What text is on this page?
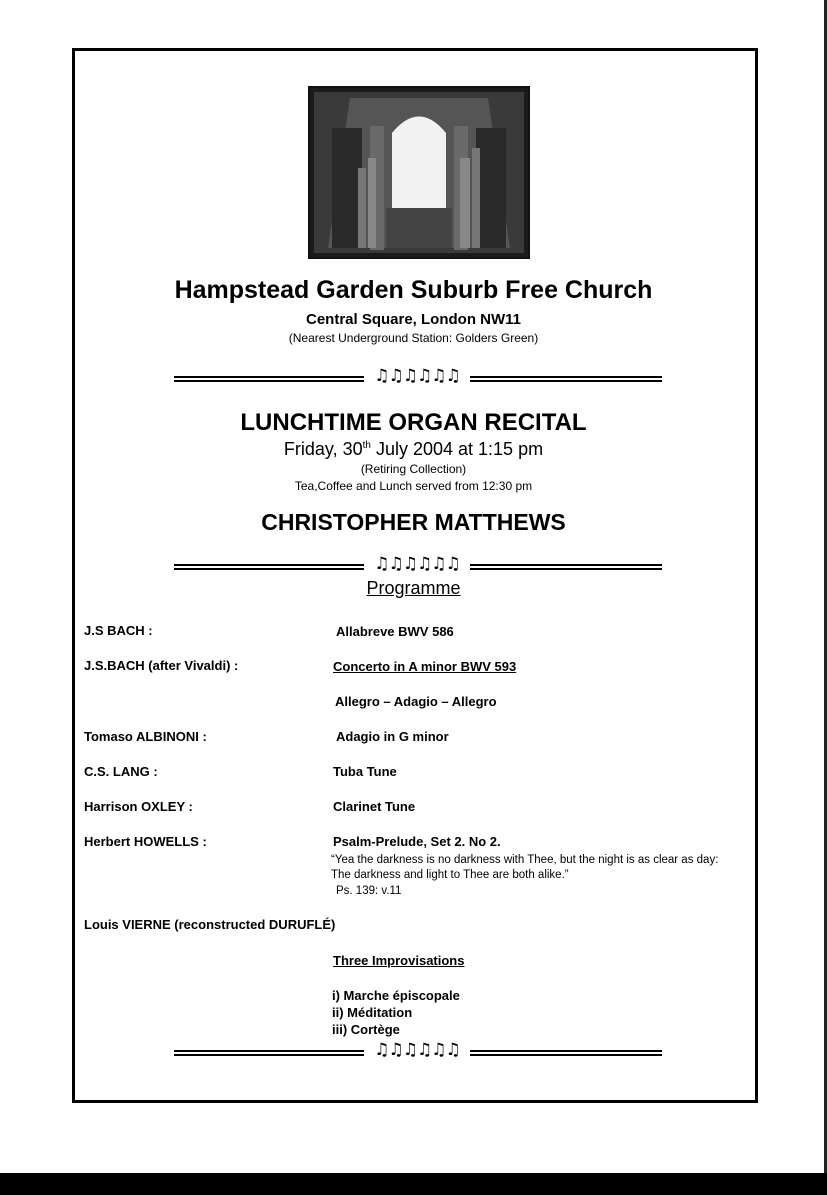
Hampstead Garden Suburb Free Church
Central Square, London NW11
(Nearest Underground Station: Golders Green)
♫♫♫♫♫♫
LUNCHTIME ORGAN RECITAL
Friday, 30th July 2004 at 1:15 pm
(Retiring Collection)
Tea,Coffee and Lunch served from 12:30 pm
CHRISTOPHER MATTHEWS
♫♫♫♫♫♫
Programme
J.S BACH :	Allabreve BWV 586
J.S.BACH (after Vivaldi) :	Concerto in A minor BWV 593
Allegro – Adagio – Allegro
Tomaso ALBINONI :	Adagio in G minor
C.S. LANG :	Tuba Tune
Harrison OXLEY :	Clarinet Tune
Herbert HOWELLS :	Psalm-Prelude, Set 2. No 2.
“Yea the darkness is no darkness with Thee, but the night is as clear as day: The darkness and light to Thee are both alike.”
Ps. 139: v.11
Louis VIERNE (reconstructed DURUFLÉ)
Three Improvisations
i) Marche épiscopale
ii) Méditation
iii) Cortège
♫♫♫♫♫♫
